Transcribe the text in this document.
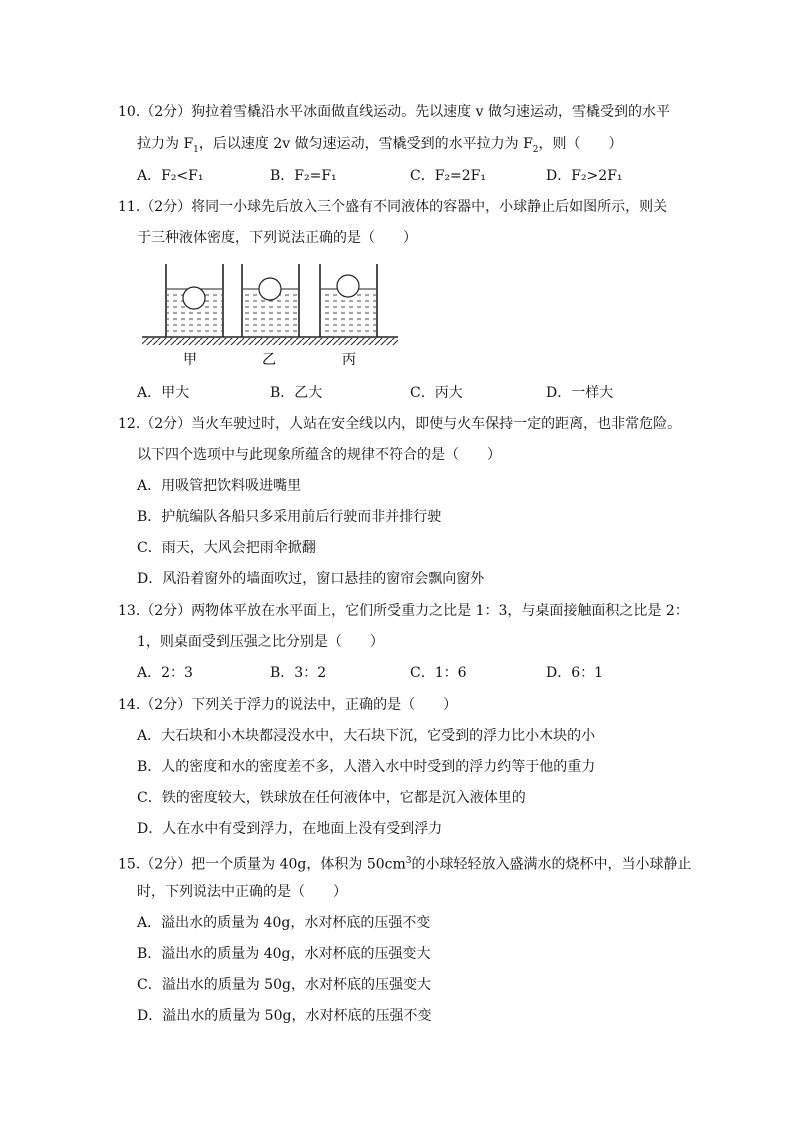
10.（2分）狗拉着雪橇沿水平冰面做直线运动。先以速度 v 做匀速运动，雪橇受到的水平
拉力为 $F_1$，后以速度 2v 做匀速运动，雪橇受到的水平拉力为 $F_2$，则（　　）
A．F₂<F₁	B．F₂=F₁	C．F₂=2F₁	D．F₂>2F₁
11.（2分）将同一小球先后放入三个盛有不同液体的容器中，小球静止后如图所示，则关
于三种液体密度，下列说法正确的是（　　）
甲	乙	丙
A．甲大	B．乙大	C．丙大	D．一样大
12.（2分）当火车驶过时，人站在安全线以内，即使与火车保持一定的距离，也非常危险。
以下四个选项中与此现象所蕴含的规律不符合的是（　　）
A．用吸管把饮料吸进嘴里
B．护航编队各船只多采用前后行驶而非并排行驶
C．雨天，大风会把雨伞掀翻
D．风沿着窗外的墙面吹过，窗口悬挂的窗帘会飘向窗外
13.（2分）两物体平放在水平面上，它们所受重力之比是 1：3，与桌面接触面积之比是 2：
1，则桌面受到压强之比分别是（　　）
A．2：3	B．3：2	C．1：6	D．6：1
14.（2分）下列关于浮力的说法中，正确的是（　　）
A．大石块和小木块都浸没水中，大石块下沉，它受到的浮力比小木块的小
B．人的密度和水的密度差不多，人潜入水中时受到的浮力约等于他的重力
C．铁的密度较大，铁球放在任何液体中，它都是沉入液体里的
D．人在水中有受到浮力，在地面上没有受到浮力
15.（2分）把一个质量为 40g，体积为 $50cm^3$的小球轻轻放入盛满水的烧杯中，当小球静止
时，下列说法中正确的是（　　）
A．溢出水的质量为 40g，水对杯底的压强不变
B．溢出水的质量为 40g，水对杯底的压强变大
C．溢出水的质量为 50g，水对杯底的压强变大
D．溢出水的质量为 50g，水对杯底的压强不变
